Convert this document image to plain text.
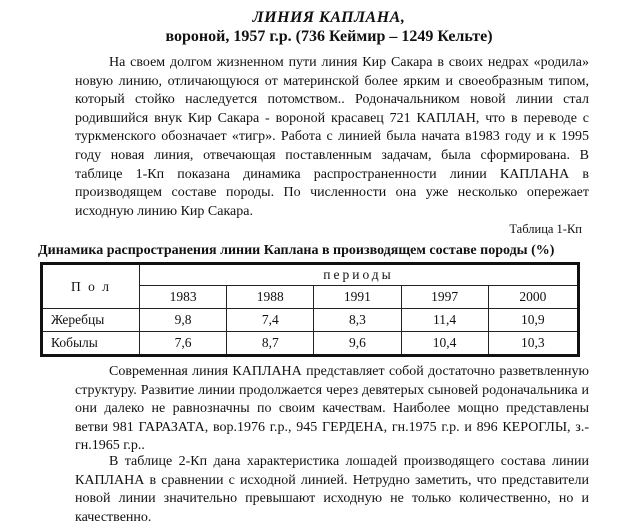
ЛИНИЯ КАПЛАНА,
вороной, 1957 г.р. (736 Кеймир – 1249 Кельте)

На своем долгом жизненном пути линия Кир Сакара в своих недрах «родила» новую линию, отличающуюся от материнской более ярким и своеобразным типом, который стойко наследуется потомством.. Родоначальником новой линии стал родившийся внук Кир Сакара - вороной красавец 721 КАПЛАН, что в переводе с туркменского обозначает «тигр». Работа с линией была начата в1983 году и к 1995 году новая линия, отвечающая поставленным задачам, была сформирована. В таблице 1-Кп показана динамика распространенности линии КАПЛАНА в производящем составе породы. По численности она уже несколько опережает исходную линию Кир Сакара.

Таблица 1-Кп
Динамика распространения линии Каплана в производящем составе породы (%)
П о л	периоды				
	1983	1988	1991	1997	2000
Жеребцы	9,8	7,4	8,3	11,4	10,9
Кобылы	7,6	8,7	9,6	10,4	10,3

Современная линия КАПЛАНА представляет собой достаточно разветвленную структуру. Развитие линии продолжается через девятерых сыновей родоначальника и они далеко не равнозначны по своим качествам. Наиболее мощно представлены ветви 981 ГАРАЗАТА, вор.1976 г.р., 945 ГЕРДЕНА, гн.1975 г.р. и 896 КЕРОГЛЫ, з.-гн.1965 г.р..

В таблице 2-Кп дана характеристика лошадей производящего состава линии КАПЛАНА в сравнении с исходной линией. Нетрудно заметить, что представители новой линии значительно превышают исходную не только количественно, но и качественно.
